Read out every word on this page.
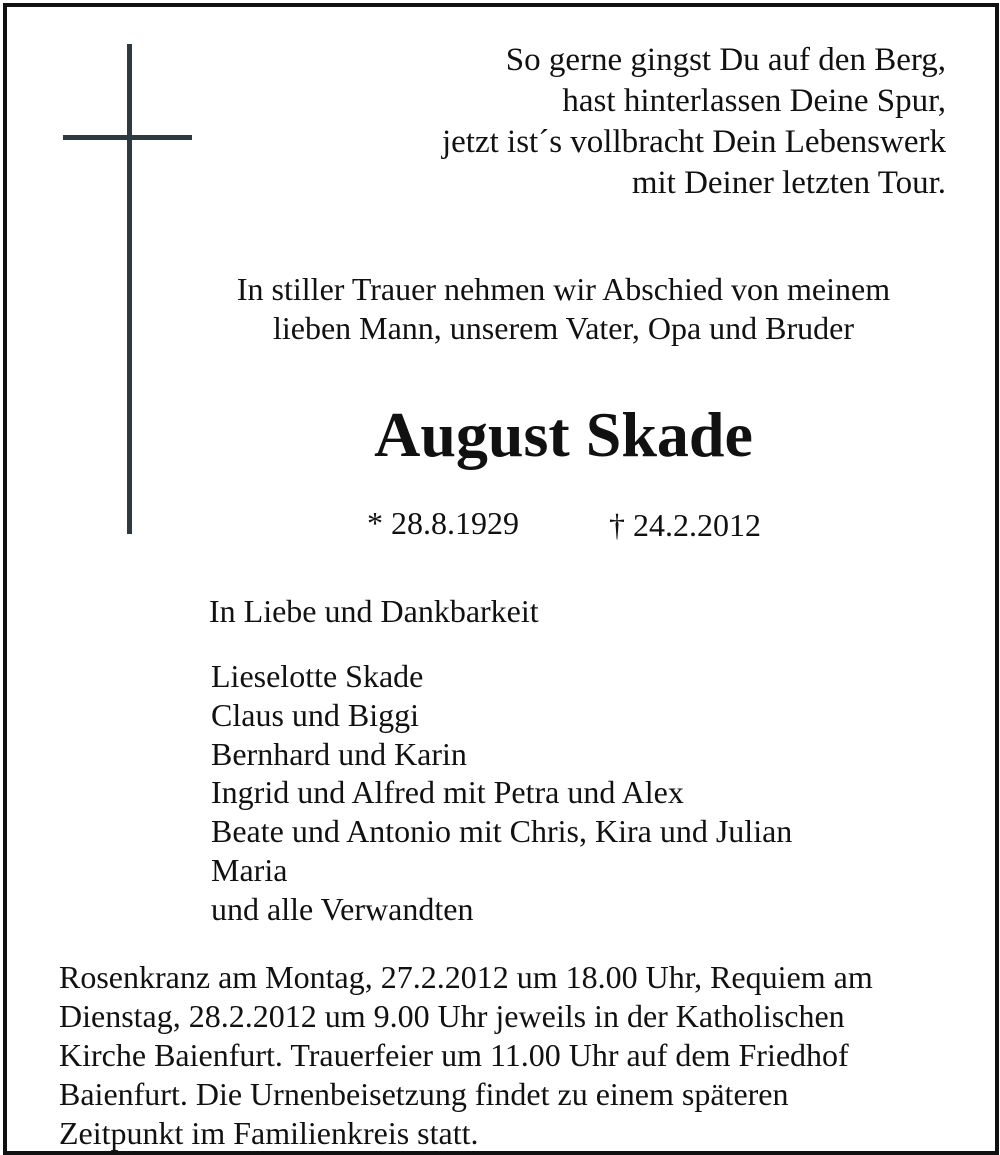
So gerne gingst Du auf den Berg,
hast hinterlassen Deine Spur,
jetzt ist´s vollbracht Dein Lebenswerk
mit Deiner letzten Tour.
In stiller Trauer nehmen wir Abschied von meinem
lieben Mann, unserem Vater, Opa und Bruder
August Skade
* 28.8.1929	† 24.2.2012
In Liebe und Dankbarkeit
Lieselotte Skade
Claus und Biggi
Bernhard und Karin
Ingrid und Alfred mit Petra und Alex
Beate und Antonio mit Chris, Kira und Julian
Maria
und alle Verwandten
Rosenkranz am Montag, 27.2.2012 um 18.00 Uhr, Requiem am
Dienstag, 28.2.2012 um 9.00 Uhr jeweils in der Katholischen
Kirche Baienfurt. Trauerfeier um 11.00 Uhr auf dem Friedhof
Baienfurt. Die Urnenbeisetzung findet zu einem späteren
Zeitpunkt im Familienkreis statt.
